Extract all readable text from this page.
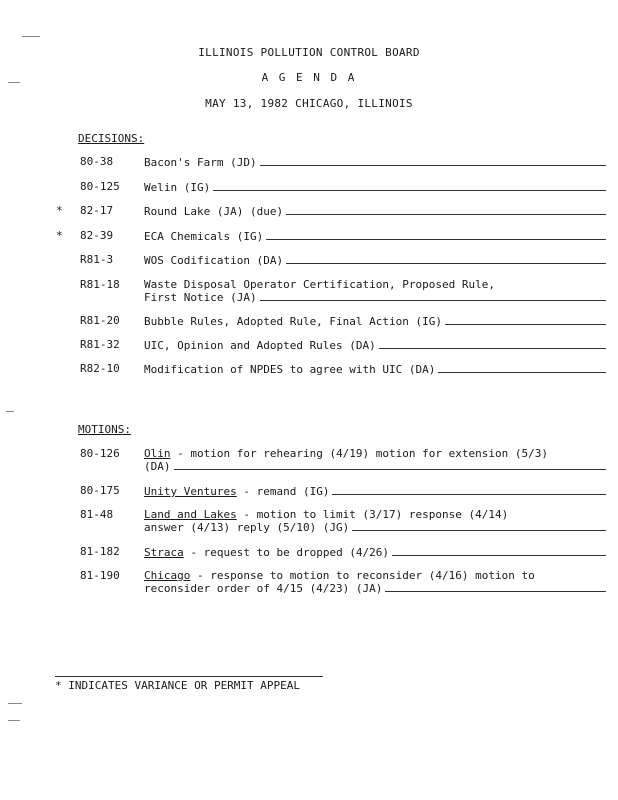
ILLINOIS POLLUTION CONTROL BOARD
A G E N D A
MAY 13, 1982 CHICAGO, ILLINOIS
DECISIONS:
80-38	Bacon's Farm (JD)
80-125 Welin (IG)
* 82-17	Round Lake (JA) (due)
* 82-39	ECA Chemicals (IG)
R81-3	WOS Codification (DA)
R81-18 Waste Disposal Operator Certification, Proposed Rule,
First Notice (JA)
R81-20 Bubble Rules, Adopted Rule, Final Action (IG)
R81-32 UIC, Opinion and Adopted Rules (DA)
R82-10 Modification of NPDES to agree with UIC (DA)
MOTIONS:
80-126 Olin - motion for rehearing (4/19) motion for extension (5/3)
(DA)
80-175 Unity Ventures - remand (IG)
81-48	Land and Lakes - motion to limit (3/17) response (4/14)
answer (4/13) reply (5/10) (JG)
81-182 Straca - request to be dropped (4/26)
81-190 Chicago - response to motion to reconsider (4/16) motion to
reconsider order of 4/15 (4/23) (JA)
* INDICATES VARIANCE OR PERMIT APPEAL
